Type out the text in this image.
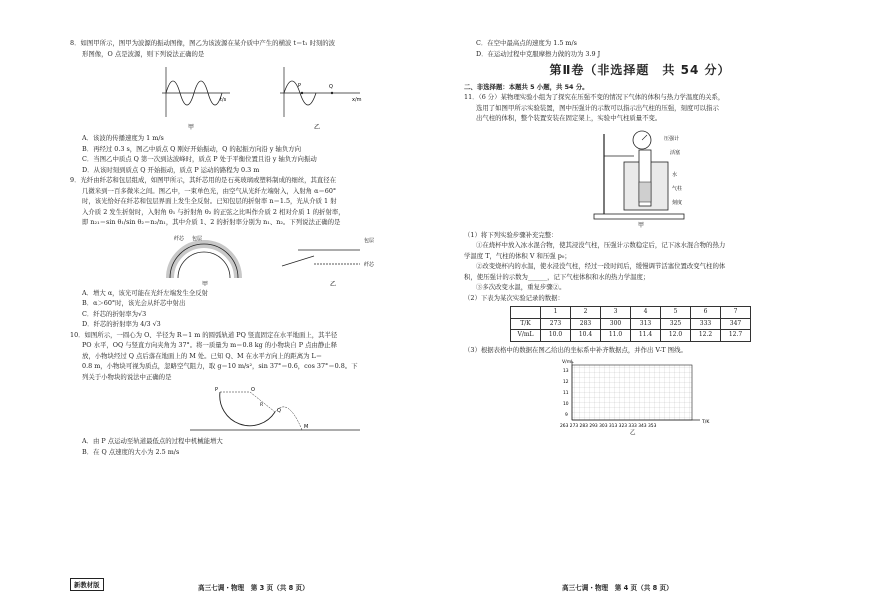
8．如图甲所示，图甲为波源的振动图像，图乙为该波源在某介质中产生的横波 t＝t₁ 时刻的波

形图像，O 点是波源，则下列说法正确的是

P	Q
x/m
t/s
甲	乙

A．该波的传播速度为 1 m/s

B．再经过 0.3 s，图乙中质点 Q 刚好开始振动，Q 的起振方向沿 y 轴负方向

C．当图乙中质点 Q 第一次到达波峰时，质点 P 处于平衡位置且沿 y 轴负方向振动

D．从该时刻到质点 Q 开始振动，质点 P 运动的路程为 0.3 m

9．光纤由纤芯和包层组成，如图甲所示，其纤芯用的是石英玻璃或塑料制成的细丝，其直径在

几微米到一百多微米之间。图乙中，一束单色光，由空气从光纤左端射入，入射角 α＝60°

时，该光恰好在纤芯和包层界面上发生全反射。已知包层的折射率 n＝1.5，光从介质 1 射

入介质 2 发生折射时，入射角 θ₁ 与折射角 θ₂ 的正弦之比叫作介质 2 相对介质 1 的折射率，

即 n₂₁＝sin θ₁/sin θ₂＝n₂/n₁，其中介质 1、2 的折射率分别为 n₁、n₂。下列说法正确的是

纤芯 包层	包层
纤芯
甲	乙

A．增大 α，该光可能在光纤左端发生全反射

B．α＞60°时，该光会从纤芯中射出

C．纤芯的折射率为√3

D．纤芯的折射率为 4/3 √3

10．如图所示，一圆心为 O、半径为 R＝1 m 的圆弧轨道 PQ 竖直固定在水平地面上，其半径

PO 水平，OQ 与竖直方向夹角为 37°。将一质量为 m＝0.8 kg 的小物块自 P 点由静止释

放，小物块经过 Q 点后落在地面上的 M 处。已知 Q、M 在水平方向上的距离为 L＝

0.8 m，小物块可视为质点，忽略空气阻力，取 g＝10 m/s²，sin 37°＝0.6，cos 37°＝0.8。下

列关于小物块的说法中正确的是

P	O
Q
M
R

A．由 P 点运动至轨道最低点的过程中机械能增大

B．在 Q 点速度的大小为 2.5 m/s

C．在空中最高点的速度为 1.5 m/s

D．在运动过程中克服摩擦力做的功为 3.9 J

第Ⅱ卷（非选择题　共 54 分）

二、非选择题：本题共 5 小题，共 54 分。

11．（6 分）某物理实验小组为了探究在压强不变的情况下气体的体积与热力学温度的关系，

选用了如图甲所示实验装置，图中压强计的示数可以指示出气柱的压强，刻度可以指示

出气柱的体积，整个装置安装在固定架上，实验中气柱质量不变。

压强计
活塞
水
气柱
刻度
甲

（1）将下列实验步骤补充完整：

①在烧杯中放入冰水混合物，使其浸没气柱，压强计示数稳定后，记下冰水混合物的热力

学温度 T，气柱的体积 V 和压强 p₀；

②改变烧杯内的水温，使水浸没气柱，经过一段时间后，缓慢调节活塞位置改变气柱的体

积，使压强计的示数为______，记下气柱体积和水的热力学温度；

③多次改变水温，重复步骤②。

（2）下表为某次实验记录的数据：

	1	2	3	4	5	6	7
T/K	273	283	300	313	325	333	347
V/mL	10.0	10.4	11.0	11.4	12.0	12.2	12.7

（3）根据表格中的数据在图乙给出的坐标系中补齐数据点，并作出 V-T 图线。

V/mL
T/K
13
12
11
10
9
263 273 283 293 303 313 323 333 343 353
乙
新教材版	高三七调・物理　第 3 页（共 8 页）	高三七调・物理　第 4 页（共 8 页）
